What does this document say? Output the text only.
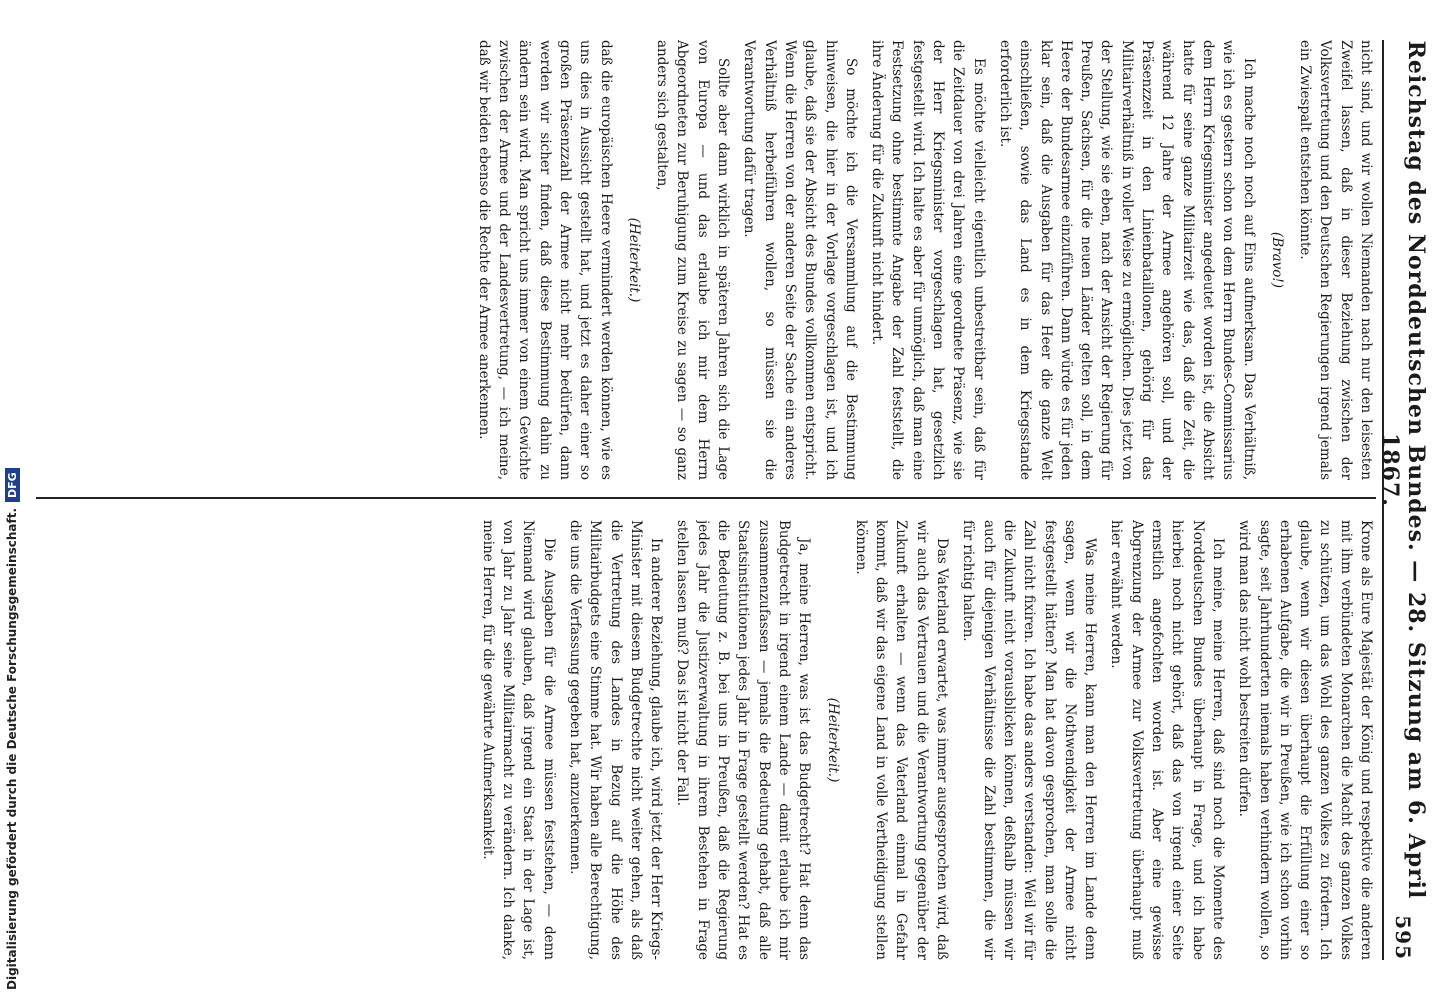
Reichstag des Norddeutschen Bundes. — 28. Sitzung am 6. April 1867.
595

nicht sind, und wir wollen Niemanden nach nur den leisesten Zweifel lassen, daß in dieser Beziehung zwischen der Volksvertretung und den Deutschen Regierungen irgend jemals ein Zwiespalt entstehen könnte.

(Bravo!)

Ich mache noch noch auf Eins aufmerksam. Das Verhältniß, wie ich es gestern schon von dem Herrn Bundes-Commissarius dem Herrn Kriegsminister angedeutet worden ist, die Absicht hatte für seine ganze Militairzeit wie das, daß die Zeit, die während 12 Jahre der Armee angehören soll, und der Präsenzzeit in den Linienbataillonen, gehörig für das Militairverhältniß in voller Weise zu ermöglichen. Dies jetzt von der Stellung, wie sie eben, nach der Ansicht der Regierung für Preußen, Sachsen, für die neuen Länder gelten soll, in dem Heere der Bundesarmee einzuführen. Dann würde es für jeden klar sein, daß die Ausgaben für das Heer die ganze Welt einschließen, sowie das Land es in dem Kriegsstande erforderlich ist.

Es möchte vielleicht eigentlich unbestreitbar sein, daß für die Zeitdauer von drei Jahren eine geordnete Präsenz, wie sie der Herr Kriegsminister vorgeschlagen hat, gesetzlich festgestellt wird. Ich halte es aber für unmöglich, daß man eine Festsetzung ohne bestimmte Angabe der Zahl feststellt, die ihre Änderung für die Zukunft nicht hindert.

So möchte ich die Versammlung auf die Bestimmung hinweisen, die hier in der Vorlage vorgeschlagen ist, und ich glaube, daß sie der Absicht des Bundes vollkommen entspricht. Wenn die Herren von der anderen Seite der Sache ein anderes Verhältniß herbeiführen wollen, so müssen sie die Verantwortung dafür tragen.

Sollte aber dann wirklich in späteren Jahren sich die Lage von Europa — und das erlaube ich mir dem Herrn Abgeordneten zur Beruhigung zum Kreise zu sagen — so ganz anders sich gestalten,

(Heiterkeit.)

daß die europäischen Heere vermindert werden können, wie es uns dies in Aussicht gestellt hat, und jetzt es daher einer so großen Präsenzzahl der Armee nicht mehr bedürfen, dann werden wir sicher finden, daß diese Bestimmung dahin zu ändern sein wird. Man spricht uns immer von einem Gewichte zwischen der Armee und der Landesvertretung, — ich meine, daß wir beiden ebenso die Rechte der Armee anerkennen.

Krone als Eure Majestät der König und respektive die anderen mit ihm verbündeten Monarchen die Macht des ganzen Volkes zu schützen, um das Wohl des ganzen Volkes zu fördern. Ich glaube, wenn wir diesen überhaupt die Erfüllung einer so erhabenen Aufgabe, die wir in Preußen, wie ich schon vorhin sagte, seit Jahrhunderten niemals haben verhindern wollen, so wird man das nicht wohl bestreiten dürfen.

Ich meine, meine Herren, daß sind noch die Momente des Norddeutschen Bundes überhaupt in Frage, und ich habe hierbei noch nicht gehört, daß das von irgend einer Seite ernstlich angefochten worden ist. Aber eine gewisse Abgrenzung der Armee zur Volksvertretung überhaupt muß hier erwähnt werden.

Was meine Herren, kann man den Herren im Lande denn sagen, wenn wir die Nothwendigkeit der Armee nicht festgestellt hätten? Man hat davon gesprochen, man solle die Zahl nicht fixiren. Ich habe das anders verstanden: Weil wir für die Zukunft nicht vorausblicken können, deßhalb müssen wir auch für diejenigen Verhältnisse die Zahl bestimmen, die wir für richtig halten.

Das Vaterland erwartet, was immer ausgesprochen wird, daß wir auch das Vertrauen und die Verantwortung gegenüber der Zukunft erhalten — wenn das Vaterland einmal in Gefahr kommt, daß wir das eigene Land in volle Vertheidigung stellen können.

(Heiterkeit.)

Ja, meine Herren, was ist das Budgetrecht? Hat denn das Budgetrecht in irgend einem Lande — damit erlaube ich mir zusammenzufassen — jemals die Bedeutung gehabt, daß alle Staatsinstitutionen jedes Jahr in Frage gestellt werden? Hat es die Bedeutung z. B. bei uns in Preußen, daß die Regierung jedes Jahr die Justizverwaltung in ihrem Bestehen in Frage stellen lassen muß? Das ist nicht der Fall.

In anderer Beziehung, glaube ich, wird jetzt der Herr Kriegs-Minister mit diesem Budgetrechte nicht weiter gehen, als daß die Vertretung des Landes in Bezug auf die Höhe des Militairbudgets eine Stimme hat. Wir haben alle Berechtigung, die uns die Verfassung gegeben hat, anzuerkennen.

Die Ausgaben für die Armee müssen feststehen, — denn Niemand wird glauben, daß irgend ein Staat in der Lage ist, von Jahr zu Jahr seine Militairmacht zu verändern. Ich danke, meine Herren, für die gewährte Aufmerksamkeit.

Digitalisierung gefördert durch die Deutsche Forschungsgemeinschaft.
DFG
